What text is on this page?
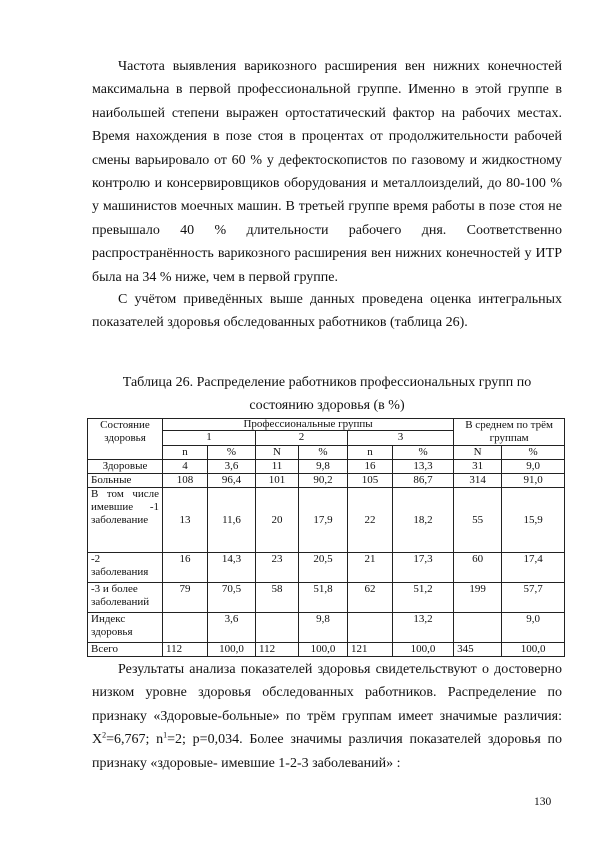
Частота выявления варикозного расширения вен нижних конечностей
максимальна в первой профессиональной группе. Именно в этой группе в
наибольшей степени выражен ортостатический фактор на рабочих местах.
Время нахождения в позе стоя в процентах от продолжительности рабочей
смены варьировало от 60 % у дефектоскопистов по газовому и жидкостному
контролю и консервировщиков оборудования и металлоизделий, до 80-100 %
у машинистов моечных машин. В третьей группе время работы в позе стоя не
превышало 40 % длительности рабочего дня. Соответственно
распространённость варикозного расширения вен нижних конечностей у ИТР
была на 34 % ниже, чем в первой группе.
С учётом приведённых выше данных проведена оценка интегральных
показателей здоровья обследованных работников (таблица 26).
Таблица 26. Распределение работников профессиональных групп по
состоянию здоровья (в %)
Состояние здоровья	Профессиональные группы						В среднем по трём группам	
	1		2		3			
	n	%	N	%	n	%	N	%
Здоровые	4	3,6	11	9,8	16	13,3	31	9,0
Больные	108	96,4	101	90,2	105	86,7	314	91,0
В том числе имевшие -1 заболевание	13	11,6	20	17,9	22	18,2	55	15,9
-2 заболевания	16	14,3	23	20,5	21	17,3	60	17,4
-3 и более заболеваний	79	70,5	58	51,8	62	51,2	199	57,7
Индекс здоровья		3,6		9,8		13,2		9,0
Всего	112	100,0	112	100,0	121	100,0	345	100,0
Результаты анализа показателей здоровья свидетельствуют о достоверно
низком уровне здоровья обследованных работников. Распределение по
признаку «Здоровые-больные» по трём группам имеет значимые различия:
$X^2=6,767$; $n^1=2$; p=0,034. Более значимы различия показателей здоровья по
признаку «здоровые- имевшие 1-2-3 заболеваний» :
130
